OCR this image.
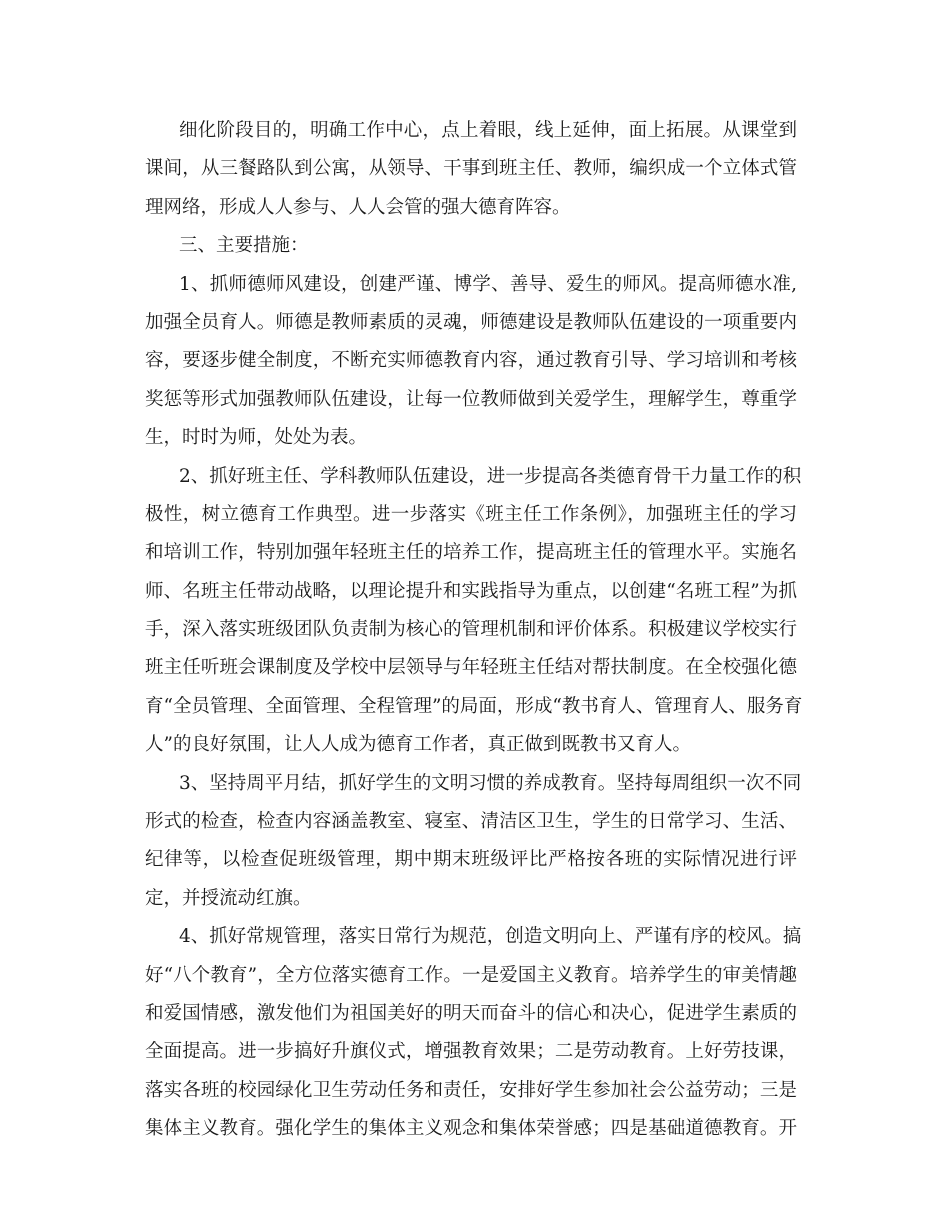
细化阶段目的，明确工作中心，点上着眼，线上延伸，面上拓展。从课堂到
课间，从三餐路队到公寓，从领导、干事到班主任、教师，编织成一个立体式管
理网络，形成人人参与、人人会管的强大德育阵容。
三、主要措施：
1、抓师德师风建设，创建严谨、博学、善导、爱生的师风。提高师德水准,
加强全员育人。师德是教师素质的灵魂，师德建设是教师队伍建设的一项重要内
容，要逐步健全制度，不断充实师德教育内容，通过教育引导、学习培训和考核
奖惩等形式加强教师队伍建设，让每一位教师做到关爱学生，理解学生，尊重学
生，时时为师，处处为表。
2、抓好班主任、学科教师队伍建设，进一步提高各类德育骨干力量工作的积
极性，树立德育工作典型。进一步落实《班主任工作条例》，加强班主任的学习
和培训工作，特别加强年轻班主任的培养工作，提高班主任的管理水平。实施名
师、名班主任带动战略，以理论提升和实践指导为重点，以创建“名班工程”为抓
手，深入落实班级团队负责制为核心的管理机制和评价体系。积极建议学校实行
班主任听班会课制度及学校中层领导与年轻班主任结对帮扶制度。在全校强化德
育“全员管理、全面管理、全程管理”的局面，形成“教书育人、管理育人、服务育
人”的良好氛围，让人人成为德育工作者，真正做到既教书又育人。
3、坚持周平月结，抓好学生的文明习惯的养成教育。坚持每周组织一次不同
形式的检查，检查内容涵盖教室、寝室、清洁区卫生，学生的日常学习、生活、
纪律等，以检查促班级管理，期中期末班级评比严格按各班的实际情况进行评
定，并授流动红旗。
4、抓好常规管理，落实日常行为规范，创造文明向上、严谨有序的校风。搞
好“八个教育”，全方位落实德育工作。一是爱国主义教育。培养学生的审美情趣
和爱国情感，激发他们为祖国美好的明天而奋斗的信心和决心，促进学生素质的
全面提高。进一步搞好升旗仪式，增强教育效果；二是劳动教育。上好劳技课，
落实各班的校园绿化卫生劳动任务和责任，安排好学生参加社会公益劳动；三是
集体主义教育。强化学生的集体主义观念和集体荣誉感；四是基础道德教育。开
